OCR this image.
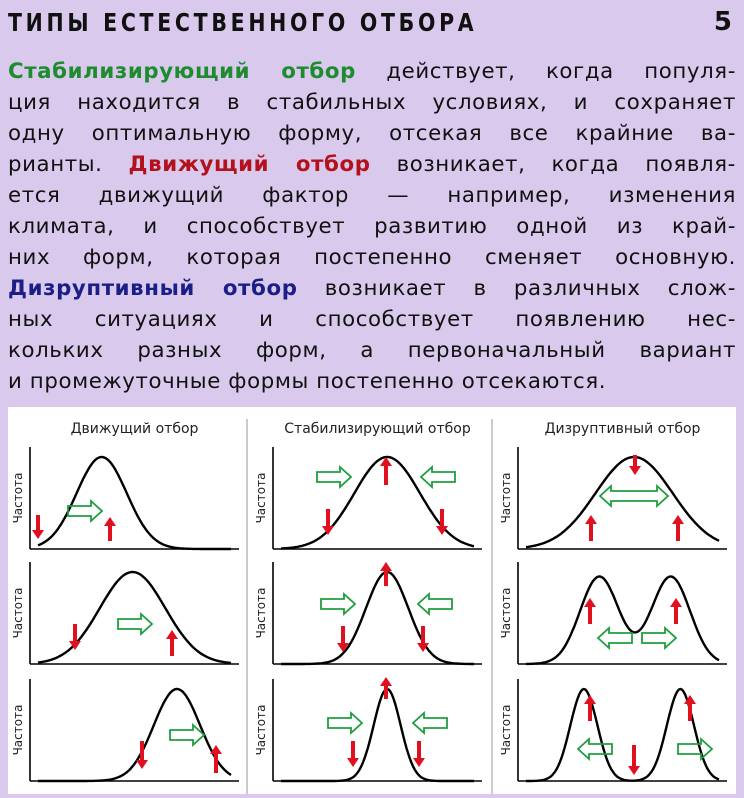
ТИПЫ ЕСТЕСТВЕННОГО ОТБОРА	5
Стабилизирующий отбор действует, когда популя-
ция находится в стабильных условиях, и сохраняет
одну оптимальную форму, отсекая все крайние ва-
рианты. Движущий отбор возникает, когда появля-
ется движущий фактор — например, изменения
климата, и способствует развитию одной из край-
них форм, которая постепенно сменяет основную.
Дизруптивный отбор возникает в различных слож-
ных ситуациях и способствует появлению нес-
кольких разных форм, а первоначальный вариант
и промежуточные формы постепенно отсекаются.
Движущий отбор	Стабилизирующий отбор	Дизруптивный отбор
Частота
Частота
Частота
Частота
Частота
Частота
Частота
Частота
Частота
